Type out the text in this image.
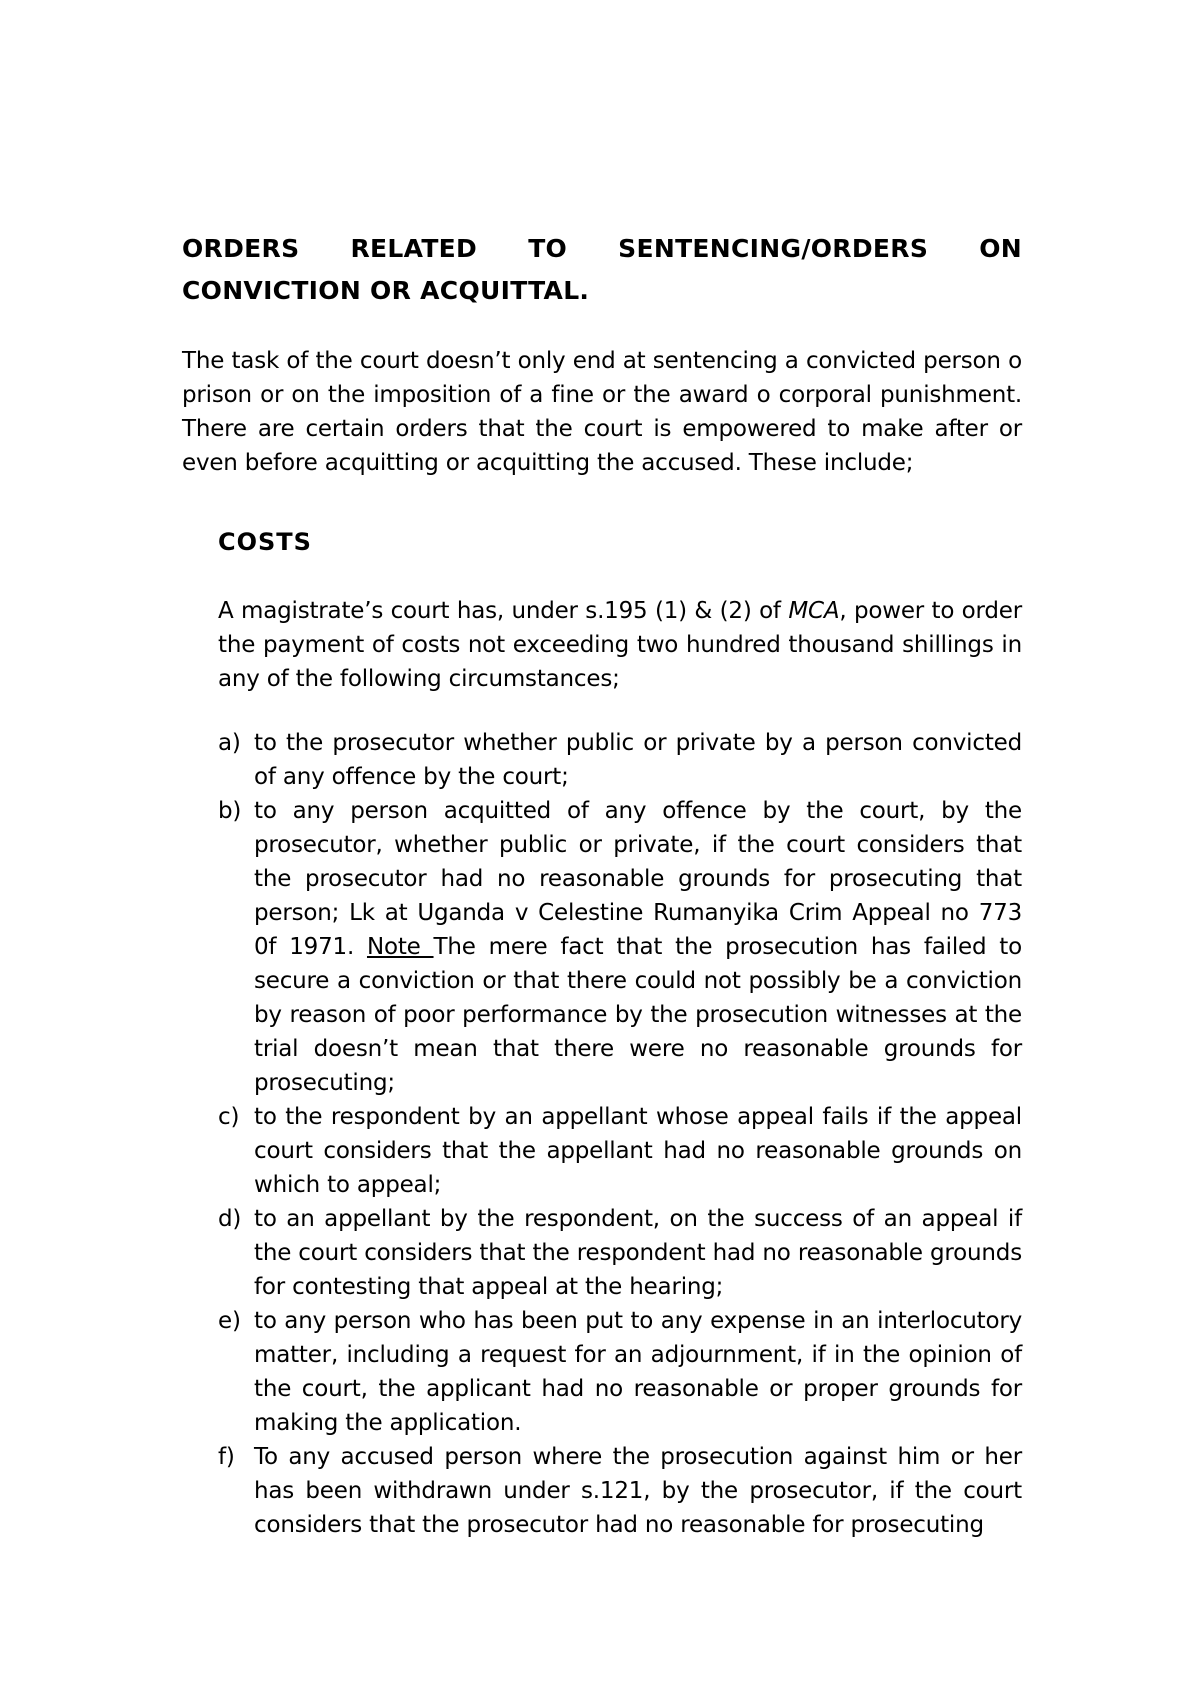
ORDERS RELATED TO SENTENCING/ORDERS ON

CONVICTION OR ACQUITTAL.

The task of the court doesn’t only end at sentencing a convicted person o prison or on the imposition of a fine or the award o corporal punishment. There are certain orders that the court is empowered to make after or even before acquitting or acquitting the accused. These include;

COSTS

A magistrate’s court has, under s.195 (1) & (2) of MCA, power to order the payment of costs not exceeding two hundred thousand shillings in any of the following circumstances;

a) to the prosecutor whether public or private by a person convicted of any offence by the court;
b) to any person acquitted of any offence by the court, by the prosecutor, whether public or private, if the court considers that the prosecutor had no reasonable grounds for prosecuting that person; Lk at Uganda v Celestine Rumanyika Crim Appeal no 773 0f 1971. Note The mere fact that the prosecution has failed to secure a conviction or that there could not possibly be a conviction by reason of poor performance by the prosecution witnesses at the trial doesn’t mean that there were no reasonable grounds for prosecuting;
c) to the respondent by an appellant whose appeal fails if the appeal court considers that the appellant had no reasonable grounds on which to appeal;
d) to an appellant by the respondent, on the success of an appeal if the court considers that the respondent had no reasonable grounds for contesting that appeal at the hearing;
e) to any person who has been put to any expense in an interlocutory matter, including a request for an adjournment, if in the opinion of the court, the applicant had no reasonable or proper grounds for making the application.
f) To any accused person where the prosecution against him or her has been withdrawn under s.121, by the prosecutor, if the court considers that the prosecutor had no reasonable for prosecuting
